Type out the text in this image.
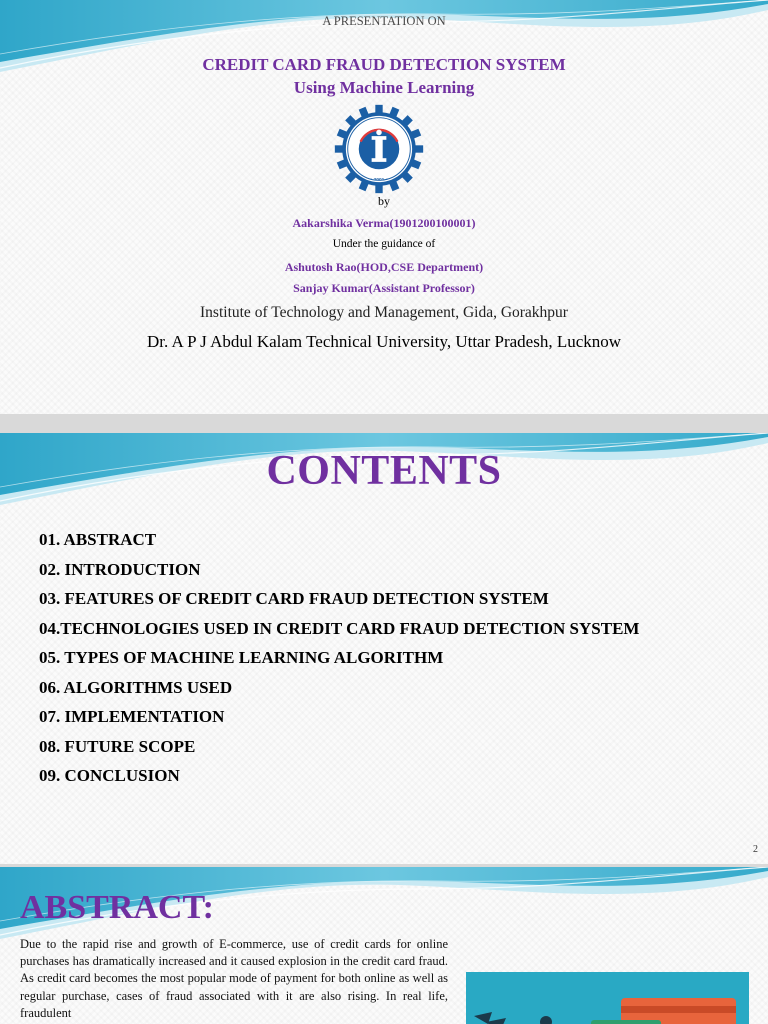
A PRESENTATION ON

CREDIT CARD FRAUD DETECTION SYSTEM

Using Machine Learning

• 2001 •

by

Aakarshika Verma(1901200100001)

Under the guidance of

Ashutosh Rao(HOD,CSE Department)

Sanjay Kumar(Assistant Professor)

Institute of Technology and Management, Gida, Gorakhpur

Dr. A P J Abdul Kalam Technical University, Uttar Pradesh, Lucknow

CONTENTS
01. ABSTRACT
02. INTRODUCTION
03. FEATURES OF CREDIT CARD FRAUD DETECTION SYSTEM
04.TECHNOLOGIES USED IN CREDIT CARD FRAUD DETECTION SYSTEM
05. TYPES OF MACHINE LEARNING ALGORITHM
06. ALGORITHMS USED
07. IMPLEMENTATION
08. FUTURE SCOPE
09. CONCLUSION
2
ABSTRACT:

Due to the rapid rise and growth of E-commerce, use of credit cards for online purchases has dramatically increased and it caused explosion in the credit card fraud. As credit card becomes the most popular mode of payment for both online as well as regular purchase, cases of fraud associated with it are also rising. In real life, fraudulent
